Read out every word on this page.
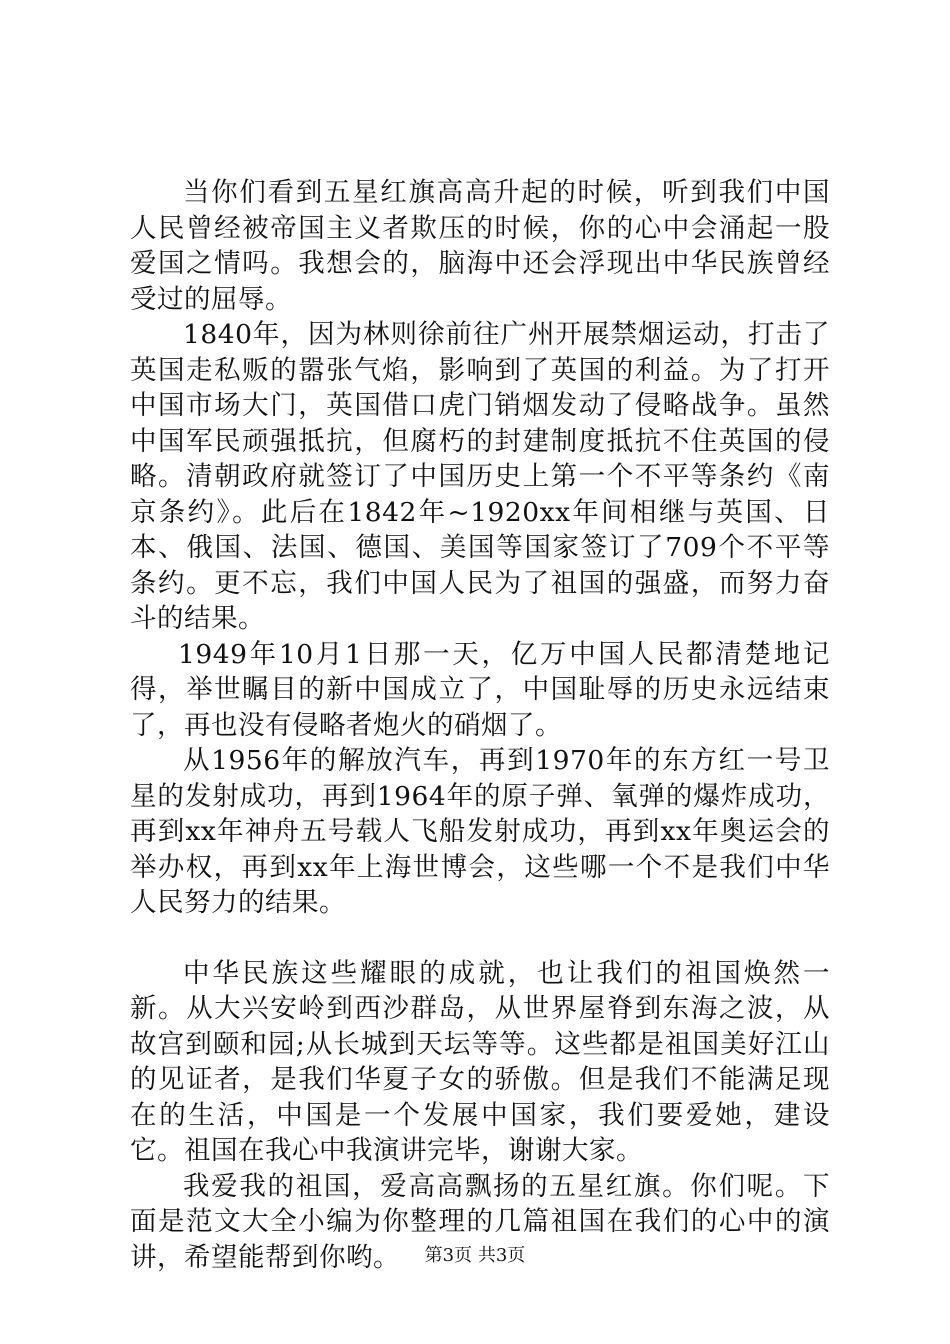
当你们看到五星红旗高高升起的时候，听到我们中国人民曾经被帝国主义者欺压的时候，你的心中会涌起一股爱国之情吗。我想会的，脑海中还会浮现出中华民族曾经受过的屈辱。

1840年，因为林则徐前往广州开展禁烟运动，打击了英国走私贩的嚣张气焰，影响到了英国的利益。为了打开中国市场大门，英国借口虎门销烟发动了侵略战争。虽然中国军民顽强抵抗，但腐朽的封建制度抵抗不住英国的侵略。清朝政府就签订了中国历史上第一个不平等条约《南京条约》。此后在1842年~1920xx年间相继与英国、日本、俄国、法国、德国、美国等国家签订了709个不平等条约。更不忘，我们中国人民为了祖国的强盛，而努力奋斗的结果。

1949年10月1日那一天，亿万中国人民都清楚地记得，举世瞩目的新中国成立了，中国耻辱的历史永远结束了，再也没有侵略者炮火的硝烟了。

从1956年的解放汽车，再到1970年的东方红一号卫星的发射成功，再到1964年的原子弹、氧弹的爆炸成功，再到xx年神舟五号载人飞船发射成功，再到xx年奥运会的举办权，再到xx年上海世博会，这些哪一个不是我们中华人民努力的结果。

中华民族这些耀眼的成就，也让我们的祖国焕然一新。从大兴安岭到西沙群岛，从世界屋脊到东海之波，从故宫到颐和园;从长城到天坛等等。这些都是祖国美好江山的见证者，是我们华夏子女的骄傲。但是我们不能满足现在的生活，中国是一个发展中国家，我们要爱她，建设它。祖国在我心中我演讲完毕，谢谢大家。

我爱我的祖国，爱高高飘扬的五星红旗。你们呢。下面是范文大全小编为你整理的几篇祖国在我们的心中的演讲，希望能帮到你哟。	第3页 共3页
